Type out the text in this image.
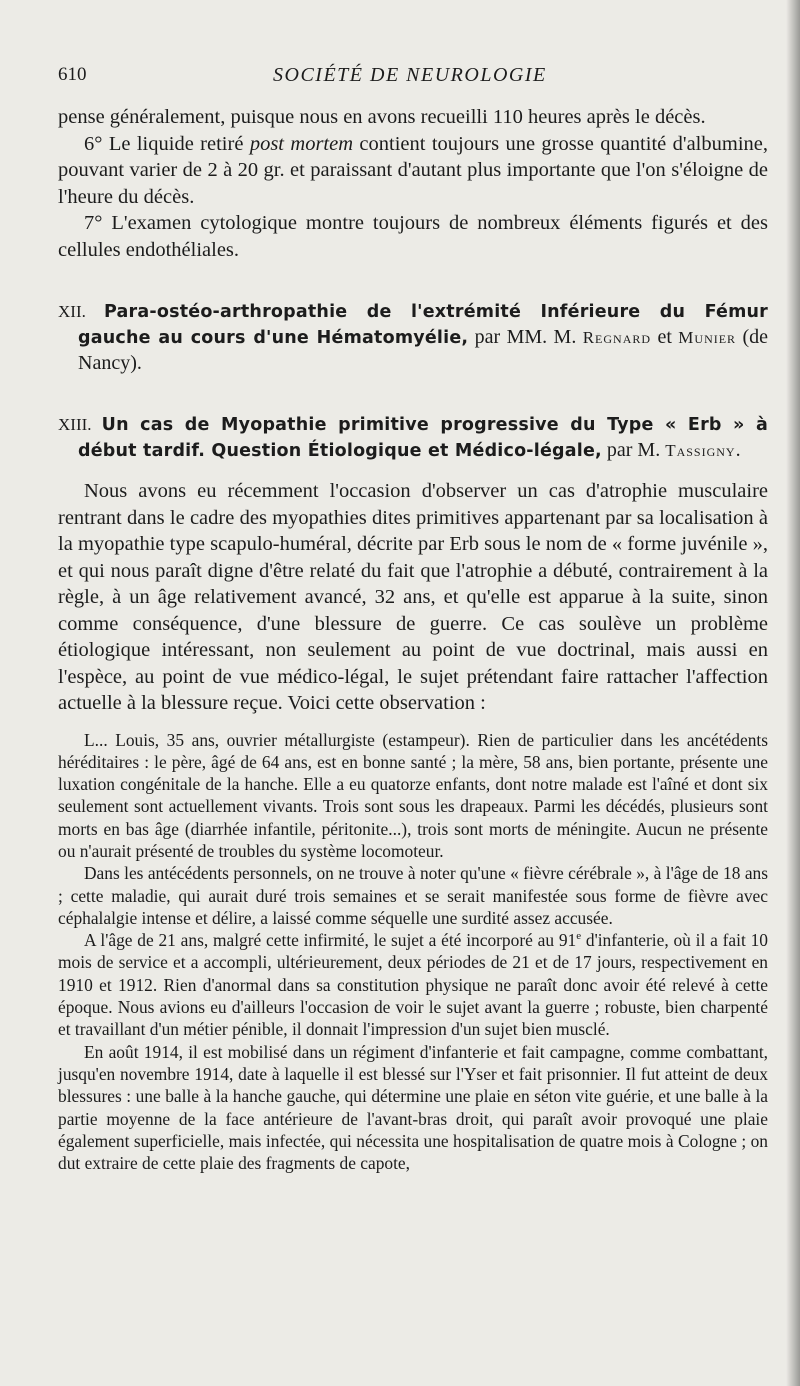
610	SOCIÉTÉ DE NEUROLOGIE

pense généralement, puisque nous en avons recueilli 110 heures après le décès.

6° Le liquide retiré post mortem contient toujours une grosse quantité d'albumine, pouvant varier de 2 à 20 gr. et paraissant d'autant plus importante que l'on s'éloigne de l'heure du décès.

7° L'examen cytologique montre toujours de nombreux éléments figurés et des cellules endothéliales.

XII. Para-ostéo-arthropathie de l'extrémité Inférieure du Fémur gauche au cours d'une Hématomyélie, par MM. M. Regnard et Munier (de Nancy).

XIII. Un cas de Myopathie primitive progressive du Type « Erb » à début tardif. Question Étiologique et Médico-légale, par M. Tassigny.

Nous avons eu récemment l'occasion d'observer un cas d'atrophie musculaire rentrant dans le cadre des myopathies dites primitives appartenant par sa localisation à la myopathie type scapulo-huméral, décrite par Erb sous le nom de « forme juvénile », et qui nous paraît digne d'être relaté du fait que l'atrophie a débuté, contrairement à la règle, à un âge relativement avancé, 32 ans, et qu'elle est apparue à la suite, sinon comme conséquence, d'une blessure de guerre. Ce cas soulève un problème étiologique intéressant, non seulement au point de vue doctrinal, mais aussi en l'espèce, au point de vue médico-légal, le sujet prétendant faire rattacher l'affection actuelle à la blessure reçue. Voici cette observation :

L... Louis, 35 ans, ouvrier métallurgiste (estampeur). Rien de particulier dans les ancétédents héréditaires : le père, âgé de 64 ans, est en bonne santé ; la mère, 58 ans, bien portante, présente une luxation congénitale de la hanche. Elle a eu quatorze enfants, dont notre malade est l'aîné et dont six seulement sont actuellement vivants. Trois sont sous les drapeaux. Parmi les décédés, plusieurs sont morts en bas âge (diarrhée infantile, péritonite...), trois sont morts de méningite. Aucun ne présente ou n'aurait présenté de troubles du système locomoteur.

Dans les antécédents personnels, on ne trouve à noter qu'une « fièvre cérébrale », à l'âge de 18 ans ; cette maladie, qui aurait duré trois semaines et se serait manifestée sous forme de fièvre avec céphalalgie intense et délire, a laissé comme séquelle une surdité assez accusée.

A l'âge de 21 ans, malgré cette infirmité, le sujet a été incorporé au 91e d'infanterie, où il a fait 10 mois de service et a accompli, ultérieurement, deux périodes de 21 et de 17 jours, respectivement en 1910 et 1912. Rien d'anormal dans sa constitution physique ne paraît donc avoir été relevé à cette époque. Nous avions eu d'ailleurs l'occasion de voir le sujet avant la guerre ; robuste, bien charpenté et travaillant d'un métier pénible, il donnait l'impression d'un sujet bien musclé.

En août 1914, il est mobilisé dans un régiment d'infanterie et fait campagne, comme combattant, jusqu'en novembre 1914, date à laquelle il est blessé sur l'Yser et fait prisonnier. Il fut atteint de deux blessures : une balle à la hanche gauche, qui détermine une plaie en séton vite guérie, et une balle à la partie moyenne de la face antérieure de l'avant-bras droit, qui paraît avoir provoqué une plaie également superficielle, mais infectée, qui nécessita une hospitalisation de quatre mois à Cologne ; on dut extraire de cette plaie des fragments de capote,
